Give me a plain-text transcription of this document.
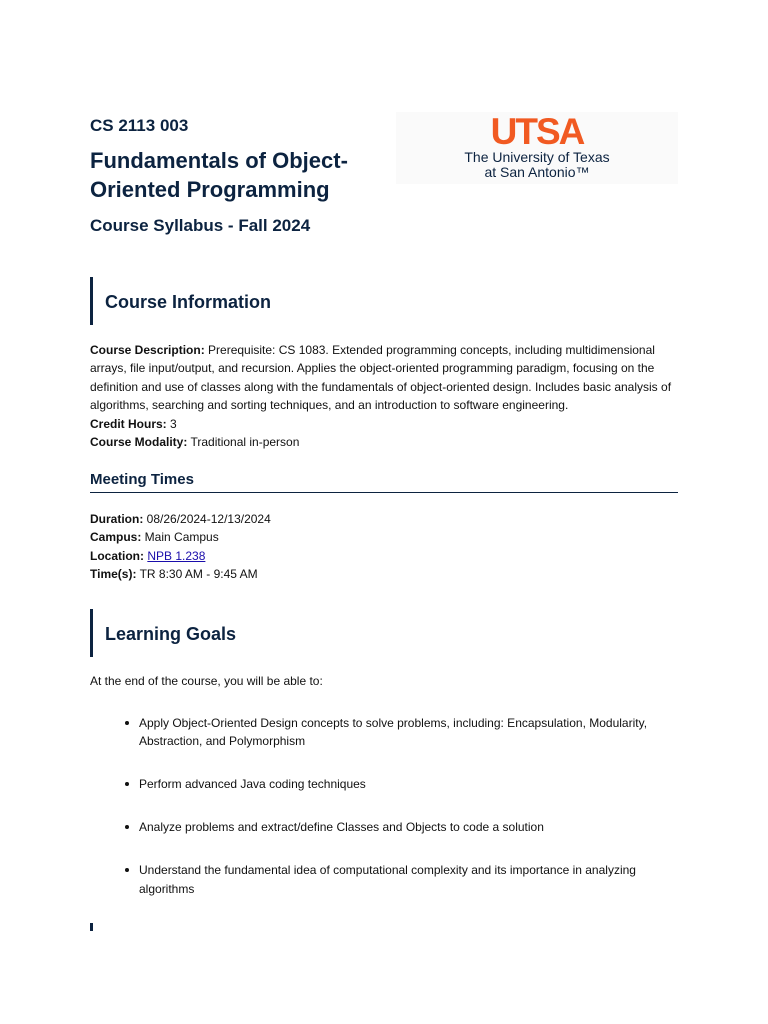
CS 2113 003
Fundamentals of Object-Oriented Programming
Course Syllabus - Fall 2024
UTSA
The University of Texas
at San Antonio™
Course Information

Course Description: Prerequisite: CS 1083. Extended programming concepts, including multidimensional arrays, file input/output, and recursion. Applies the object-oriented programming paradigm, focusing on the definition and use of classes along with the fundamentals of object-oriented design. Includes basic analysis of algorithms, searching and sorting techniques, and an introduction to software engineering.

Credit Hours: 3

Course Modality: Traditional in-person

Meeting Times

Duration: 08/26/2024-12/13/2024

Campus: Main Campus

Location: NPB 1.238

Time(s): TR 8:30 AM - 9:45 AM

Learning Goals
At the end of the course, you will be able to:
Apply Object-Oriented Design concepts to solve problems, including: Encapsulation, Modularity, Abstraction, and Polymorphism
Perform advanced Java coding techniques
Analyze problems and extract/define Classes and Objects to code a solution
Understand the fundamental idea of computational complexity and its importance in analyzing algorithms
